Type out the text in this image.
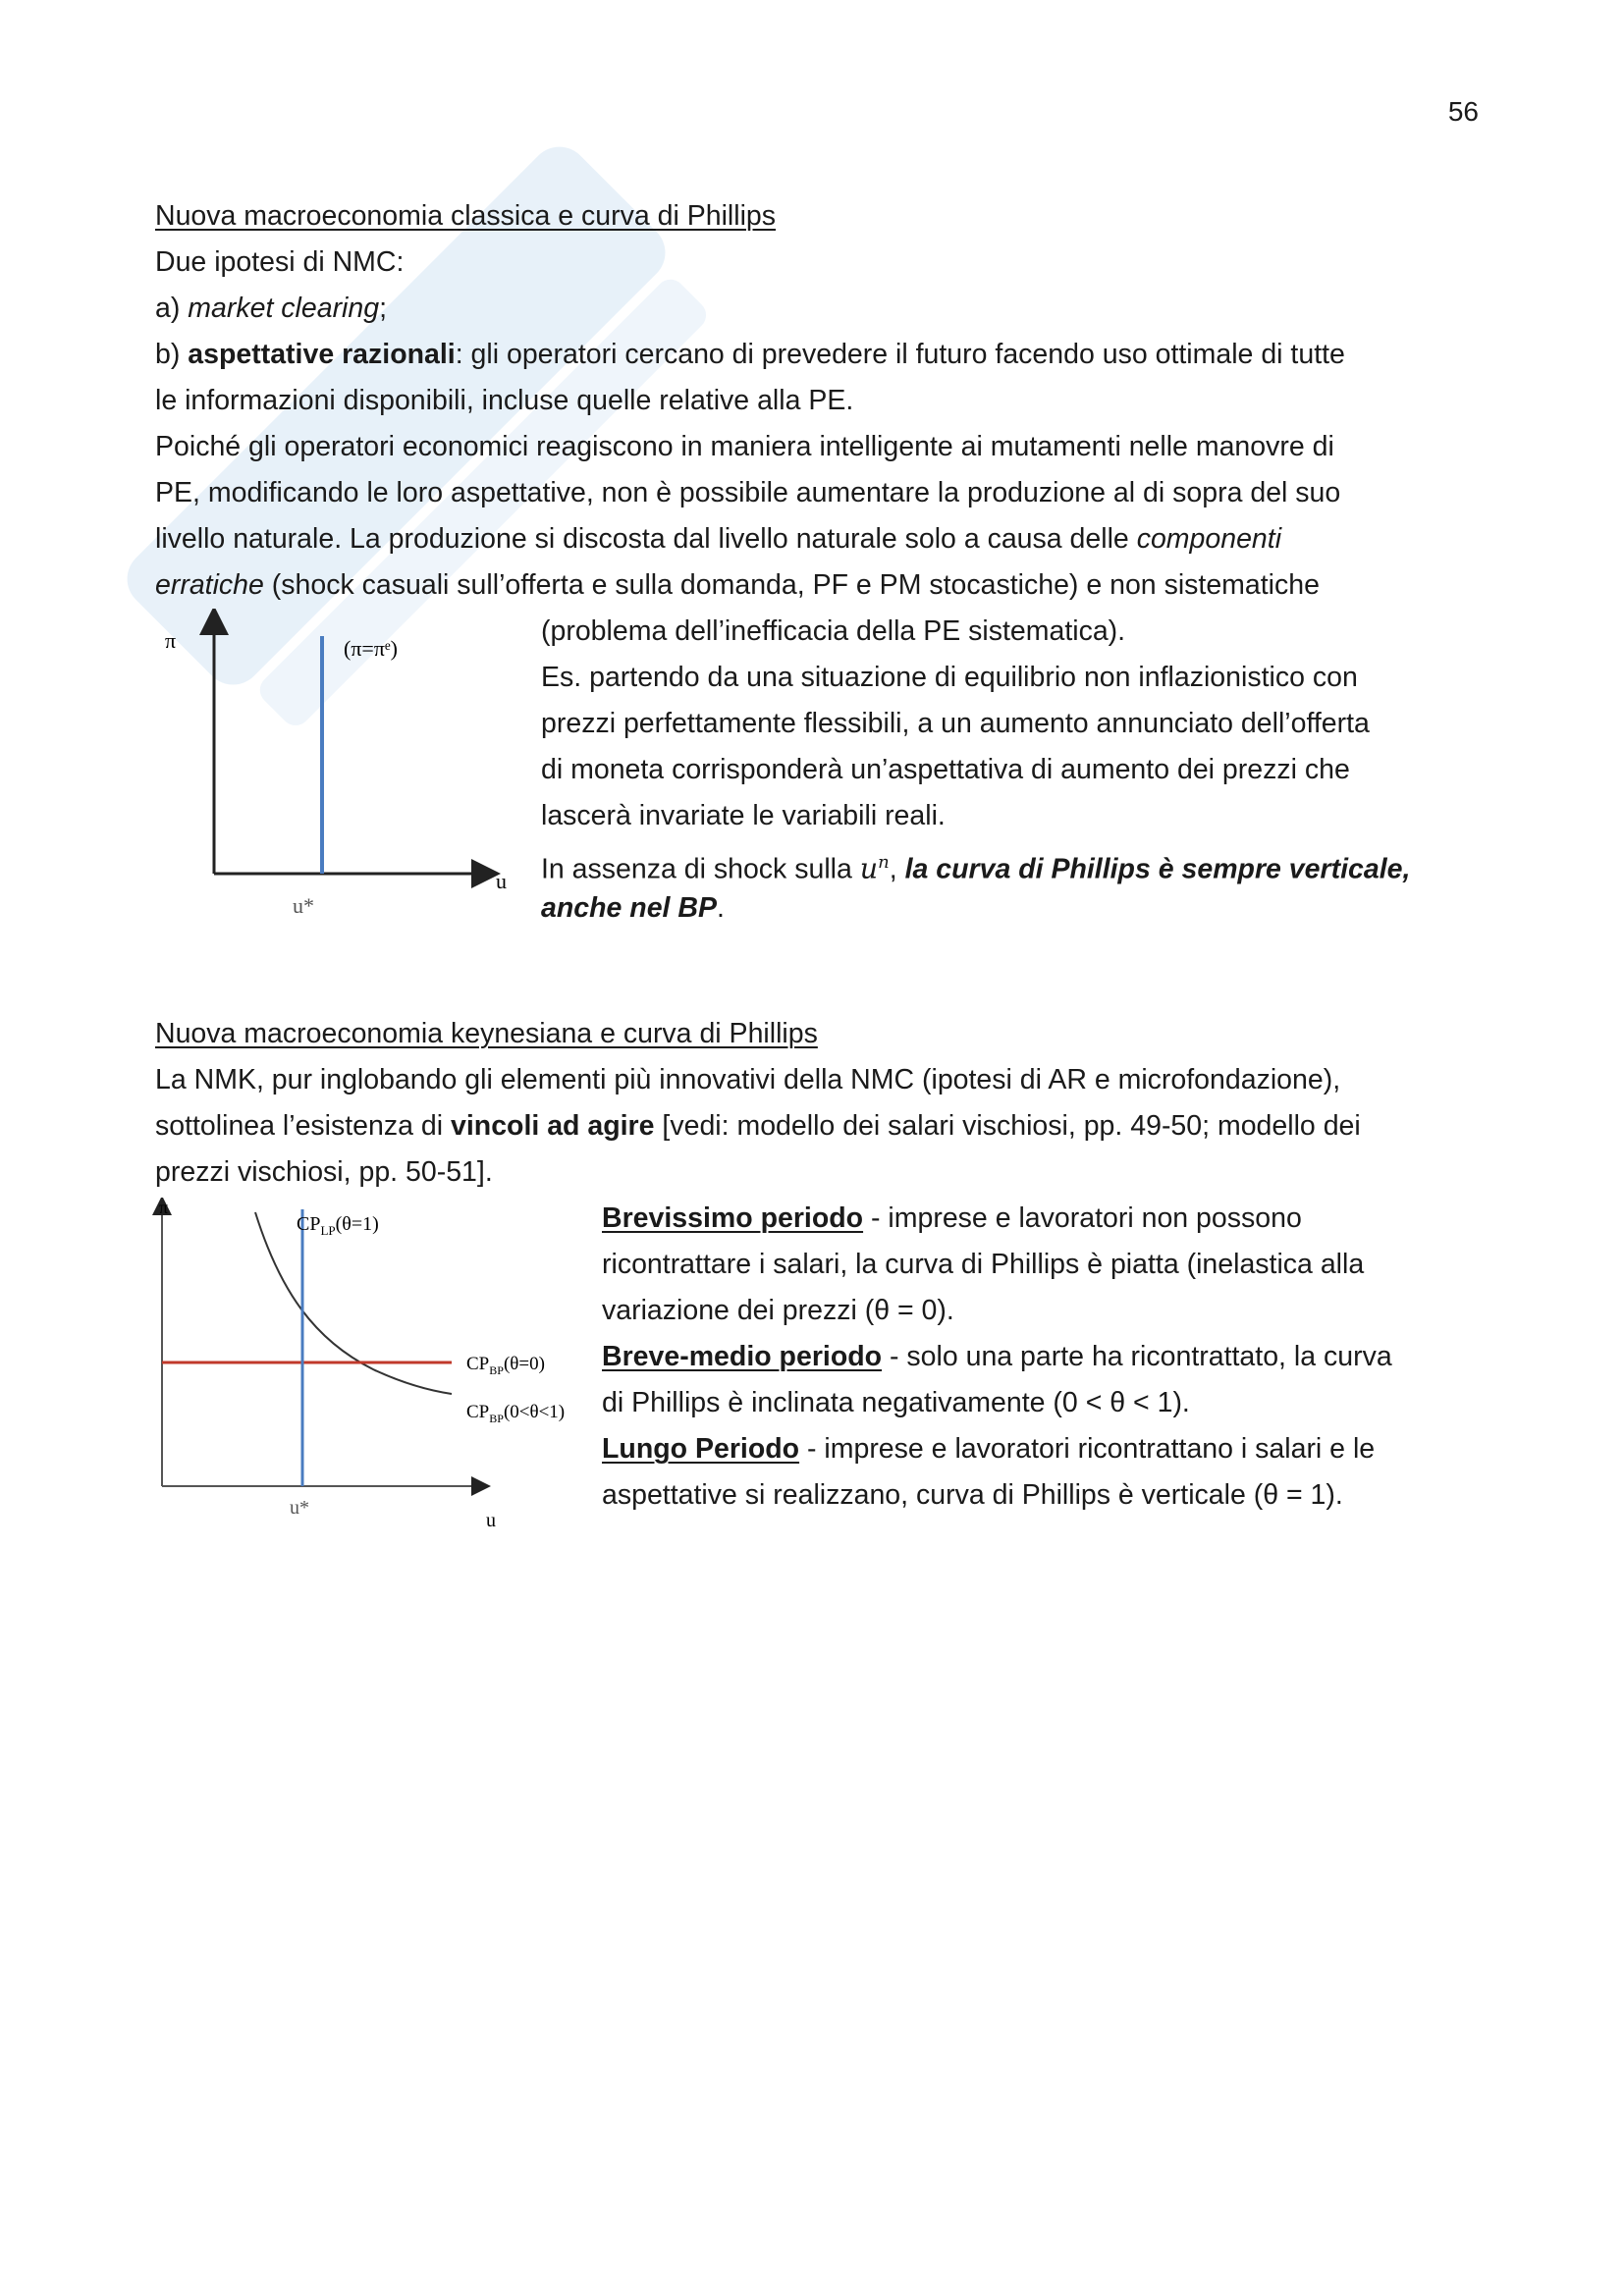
56
Nuova macroeconomia classica e curva di Phillips
Due ipotesi di NMC:
a) market clearing;
b) aspettative razionali: gli operatori cercano di prevedere il futuro facendo uso ottimale di tutte
le informazioni disponibili, incluse quelle relative alla PE.
Poiché gli operatori economici reagiscono in maniera intelligente ai mutamenti nelle manovre di
PE, modificando le loro aspettative, non è possibile aumentare la produzione al di sopra del suo
livello naturale. La produzione si discosta dal livello naturale solo a causa delle componenti
erratiche (shock casuali sull’offerta e sulla domanda, PF e PM stocastiche) e non sistematiche
(problema dell’inefficacia della PE sistematica).
Es. partendo da una situazione di equilibrio non inflazionistico con
prezzi perfettamente flessibili, a un aumento annunciato dell’offerta
di moneta corrisponderà un’aspettativa di aumento dei prezzi che
lascerà invariate le variabili reali.
In assenza di shock sulla $u^n$, la curva di Phillips è sempre verticale,
anche nel BP.
π	(π=πᵉ)
u
u*
Nuova macroeconomia keynesiana e curva di Phillips
La NMK, pur inglobando gli elementi più innovativi della NMC (ipotesi di AR e microfondazione),
sottolinea l’esistenza di vincoli ad agire [vedi: modello dei salari vischiosi, pp. 49-50; modello dei
prezzi vischiosi, pp. 50-51].
Brevissimo periodo - imprese e lavoratori non possono
ricontrattare i salari, la curva di Phillips è piatta (inelastica alla
variazione dei prezzi (θ = 0).
Breve-medio periodo - solo una parte ha ricontrattato, la curva
di Phillips è inclinata negativamente (0 < θ < 1).
Lungo Periodo - imprese e lavoratori ricontrattano i salari e le
aspettative si realizzano, curva di Phillips è verticale (θ = 1).
π
u
u*
$CP_{LP}(\theta=1)$
$CP_{BP}(\theta=0)$
$CP_{BP}(0<\theta<1)$
